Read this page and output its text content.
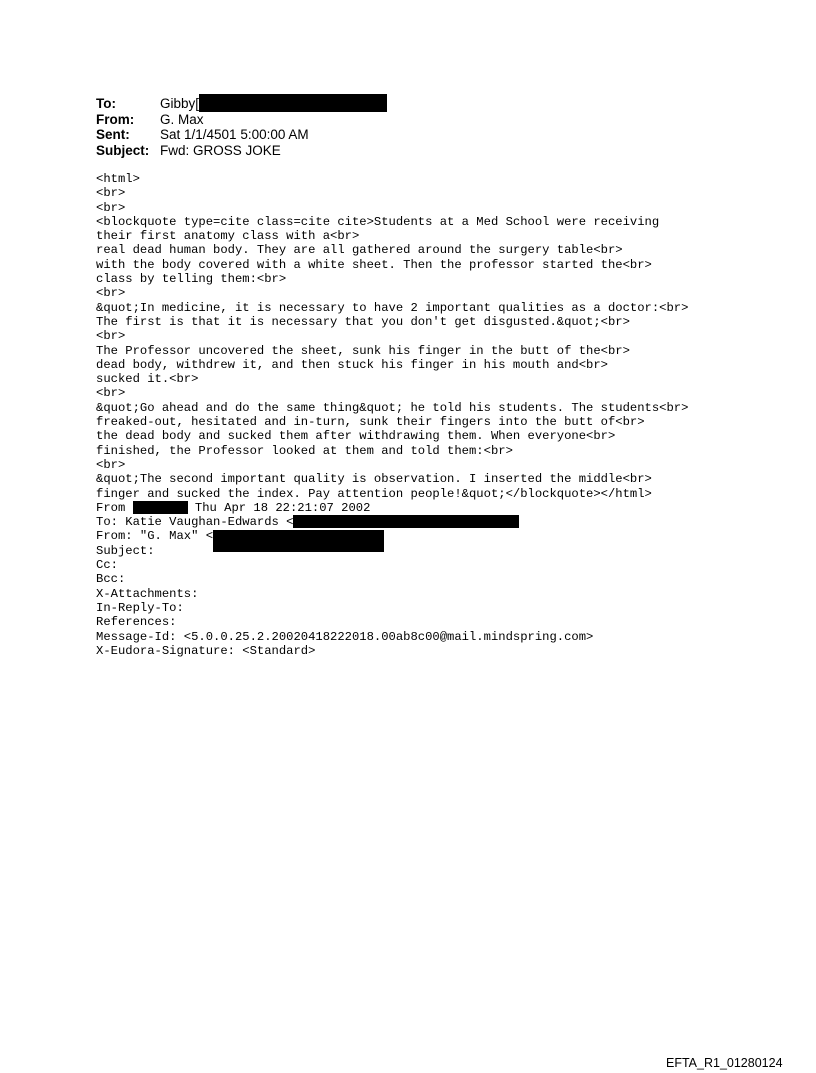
To:	Gibby[
From: G. Max
Sent: Sat 1/1/4501 5:00:00 AM
Subject: Fwd: GROSS JOKE
<html>
<br>
<br>
<blockquote type=cite class=cite cite>Students at a Med School were receiving
their first anatomy class with a<br>
real dead human body. They are all gathered around the surgery table<br>
with the body covered with a white sheet. Then the professor started the<br>
class by telling them:<br>
<br>
&quot;In medicine, it is necessary to have 2 important qualities as a doctor:<br>
The first is that it is necessary that you don't get disgusted.&quot;<br>
<br>
The Professor uncovered the sheet, sunk his finger in the butt of the<br>
dead body, withdrew it, and then stuck his finger in his mouth and<br>
sucked it.<br>
<br>
&quot;Go ahead and do the same thing&quot; he told his students. The students<br>
freaked-out, hesitated and in-turn, sunk their fingers into the butt of<br>
the dead body and sucked them after withdrawing them. When everyone<br>
finished, the Professor looked at them and told them:<br>
<br>
&quot;The second important quality is observation. I inserted the middle<br>
finger and sucked the index. Pay attention people!&quot;</blockquote></html>
From	Thu Apr 18 22:21:07 2002
To: Katie Vaughan-Edwards <
From: "G. Max" <
Subject:
Cc:
Bcc:
X-Attachments:
In-Reply-To:
References:
Message-Id: <5.0.0.25.2.20020418222018.00ab8c00@mail.mindspring.com>
X-Eudora-Signature: <Standard>
EFTA_R1_01280124
